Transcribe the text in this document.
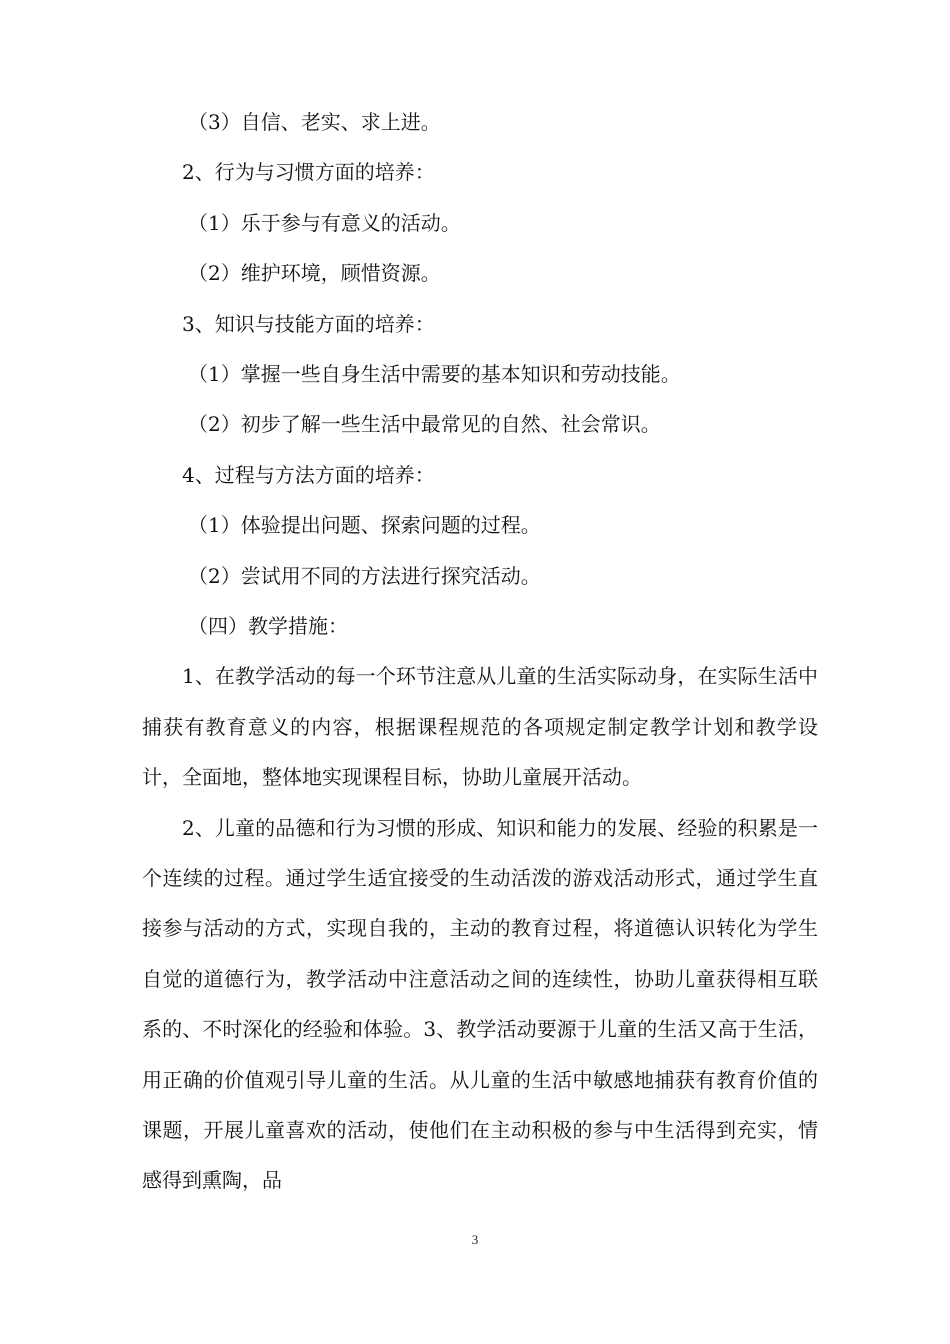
（3）自信、老实、求上进。

2、行为与习惯方面的培养：

（1）乐于参与有意义的活动。

（2）维护环境，顾惜资源。

3、知识与技能方面的培养：

（1）掌握一些自身生活中需要的基本知识和劳动技能。

（2）初步了解一些生活中最常见的自然、社会常识。

4、过程与方法方面的培养：

（1）体验提出问题、探索问题的过程。

（2）尝试用不同的方法进行探究活动。

（四）教学措施：

1、在教学活动的每一个环节注意从儿童的生活实际动身，在实际生活中捕获有教育意义的内容，根据课程规范的各项规定制定教学计划和教学设计，全面地，整体地实现课程目标，协助儿童展开活动。

2、儿童的品德和行为习惯的形成、知识和能力的发展、经验的积累是一个连续的过程。通过学生适宜接受的生动活泼的游戏活动形式，通过学生直接参与活动的方式，实现自我的，主动的教育过程，将道德认识转化为学生自觉的道德行为，教学活动中注意活动之间的连续性，协助儿童获得相互联系的、不时深化的经验和体验。3、教学活动要源于儿童的生活又高于生活，用正确的价值观引导儿童的生活。从儿童的生活中敏感地捕获有教育价值的课题，开展儿童喜欢的活动，使他们在主动积极的参与中生活得到充实，情感得到熏陶，品

3
